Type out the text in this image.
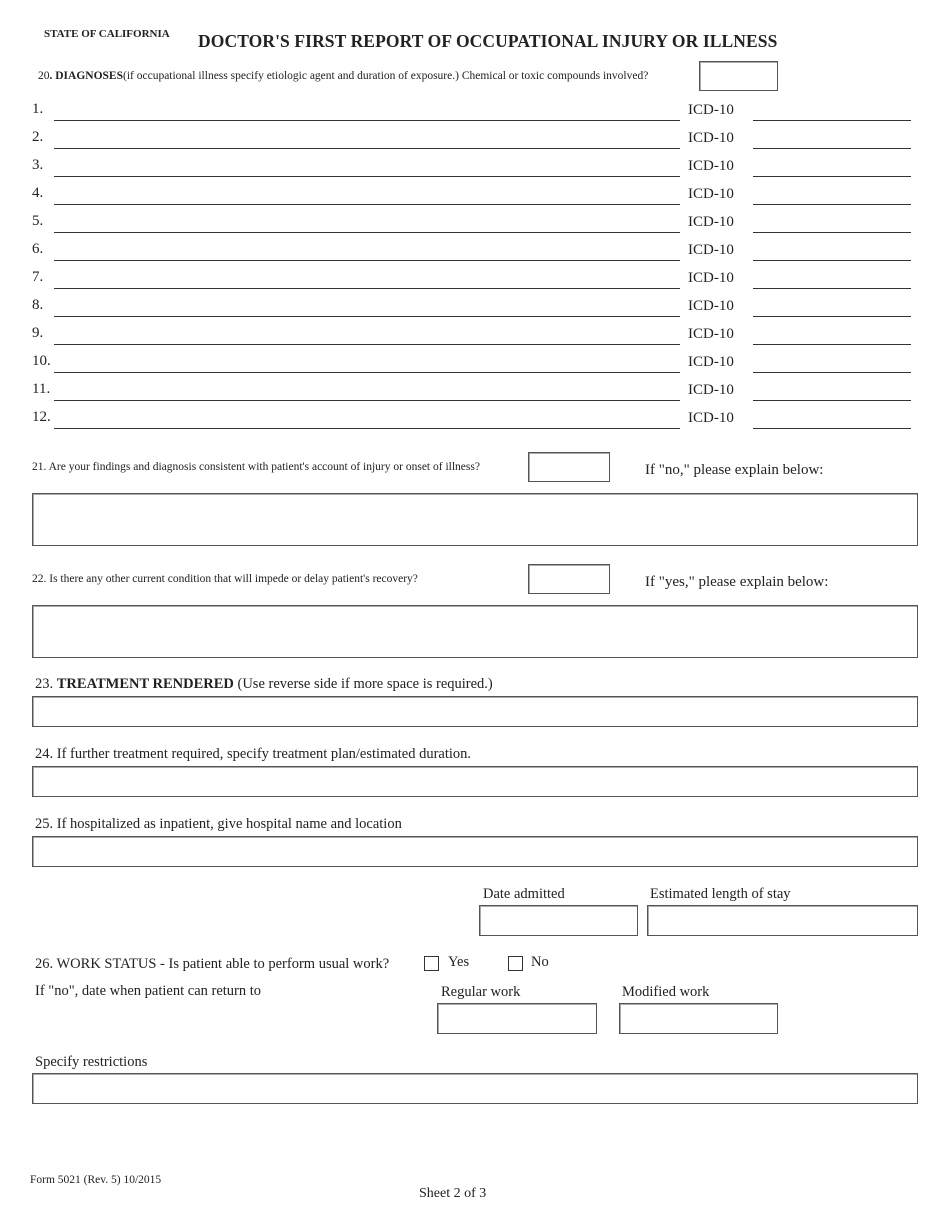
STATE OF CALIFORNIA DOCTOR'S FIRST REPORT OF OCCUPATIONAL INJURY OR ILLNESS
20. DIAGNOSES(if occupational illness specify etiologic agent and duration of exposure.) Chemical or toxic compounds involved?
1.	ICD-10
2.	ICD-10
3.	ICD-10
4.	ICD-10
5.	ICD-10
6.	ICD-10
7.	ICD-10
8.	ICD-10
9.	ICD-10
10.	ICD-10
11.	ICD-10
12.	ICD-10
21. Are your findings and diagnosis consistent with patient's account of injury or onset of illness?	If "no," please explain below:
22. Is there any other current condition that will impede or delay patient's recovery?	If "yes," please explain below:
23. TREATMENT RENDERED (Use reverse side if more space is required.)
24. If further treatment required, specify treatment plan/estimated duration.
25. If hospitalized as inpatient, give hospital name and location
Date admitted	Estimated length of stay
26. WORK STATUS - Is patient able to perform usual work?	Yes	No
If "no", date when patient can return to	Regular work	Modified work
Specify restrictions
Form 5021 (Rev. 5) 10/2015
Sheet 2 of 3
